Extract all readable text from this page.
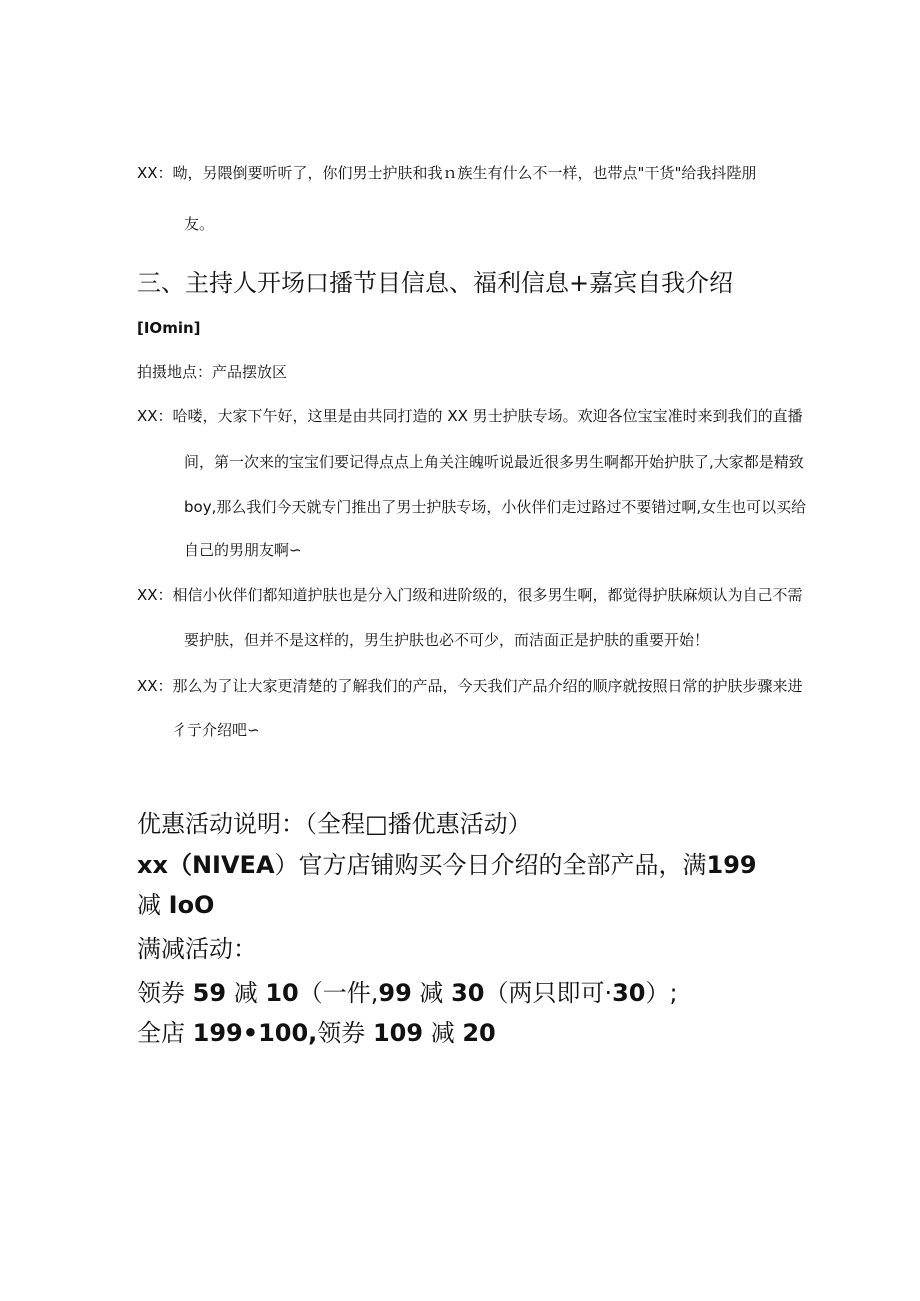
XX：呦，另隈倒要听听了，你们男士护肤和我ｎ族生有什么不一样，也带点"干货"给我抖陛朋
友。
三、主持人开场口播节目信息、福利信息+嘉宾自我介绍
[IOmin]
拍摄地点：产品摆放区
XX：哈喽，大家下午好，这里是由共同打造的 XX 男士护肤专场。欢迎各位宝宝准时来到我们的直播
间，第一次来的宝宝们要记得点点上角关注魄听说最近很多男生啊都开始护肤了,大家都是精致
boy,那么我们今天就专门推出了男士护肤专场，小伙伴们走过路过不要错过啊,女生也可以买给
自己的男朋友啊∽
XX：相信小伙伴们都知道护肤也是分入门级和进阶级的，很多男生啊，都觉得护肤麻烦认为自己不需
要护肤，但并不是这样的，男生护肤也必不可少，而洁面正是护肤的重要开始！
XX：那么为了让大家更清楚的了解我们的产品，今天我们产品介绍的顺序就按照日常的护肤步骤来进
彳亍介绍吧∽
优惠活动说明：（全程□播优惠活动）
xx（NIVEA）官方店铺购买今日介绍的全部产品，满199
减 IoO
满减活动：
领券 59 减 10（一件,99 减 30（两只即可·30）;
全店 199•100,领券 109 减 20
